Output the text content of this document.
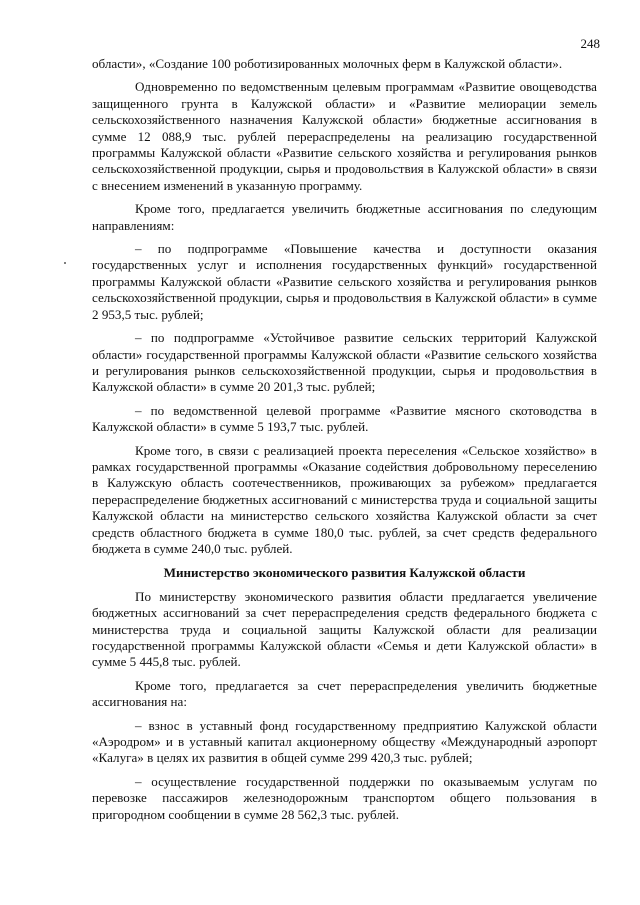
248

области», «Создание 100 роботизированных молочных ферм в Калужской области».

Одновременно по ведомственным целевым программам «Развитие овощеводства защищенного грунта в Калужской области» и «Развитие мелиорации земель сельскохозяйственного назначения Калужской области» бюджетные ассигнования в сумме 12 088,9 тыс. рублей перераспределены на реализацию государственной программы Калужской области «Развитие сельского хозяйства и регулирования рынков сельскохозяйственной продукции, сырья и продовольствия в Калужской области» в связи с внесением изменений в указанную программу.

Кроме того, предлагается увеличить бюджетные ассигнования по следующим направлениям:

– по подпрограмме «Повышение качества и доступности оказания государственных услуг и исполнения государственных функций» государственной программы Калужской области «Развитие сельского хозяйства и регулирования рынков сельскохозяйственной продукции, сырья и продовольствия в Калужской области» в сумме 2 953,5 тыс. рублей;

– по подпрограмме «Устойчивое развитие сельских территорий Калужской области» государственной программы Калужской области «Развитие сельского хозяйства и регулирования рынков сельскохозяйственной продукции, сырья и продовольствия в Калужской области» в сумме 20 201,3 тыс. рублей;

– по ведомственной целевой программе «Развитие мясного скотоводства в Калужской области» в сумме 5 193,7 тыс. рублей.

Кроме того, в связи с реализацией проекта переселения «Сельское хозяйство» в рамках государственной программы «Оказание содействия добровольному переселению в Калужскую область соотечественников, проживающих за рубежом» предлагается перераспределение бюджетных ассигнований с министерства труда и социальной защиты Калужской области на министерство сельского хозяйства Калужской области за счет средств областного бюджета в сумме 180,0 тыс. рублей, за счет средств федерального бюджета в сумме 240,0 тыс. рублей.

Министерство экономического развития Калужской области

По министерству экономического развития области предлагается увеличение бюджетных ассигнований за счет перераспределения средств федерального бюджета с министерства труда и социальной защиты Калужской области для реализации государственной программы Калужской области «Семья и дети Калужской области» в сумме 5 445,8 тыс. рублей.

Кроме того, предлагается за счет перераспределения увеличить бюджетные ассигнования на:

– взнос в уставный фонд государственному предприятию Калужской области «Аэродром» и в уставный капитал акционерному обществу «Международный аэропорт «Калуга» в целях их развития в общей сумме 299 420,3 тыс. рублей;

– осуществление государственной поддержки по оказываемым услугам по перевозке пассажиров железнодорожным транспортом общего пользования в пригородном сообщении в сумме 28 562,3 тыс. рублей.
